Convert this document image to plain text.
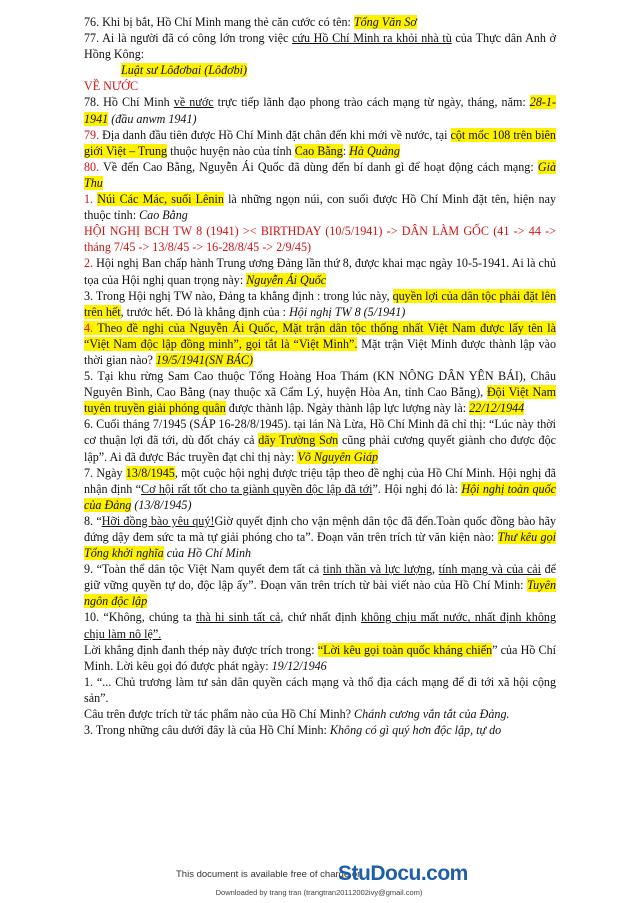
76. Khi bị bắt, Hồ Chí Minh mang thẻ căn cước có tên: Tống Văn Sơ

77. Ai là người đã có công lớn trong việc cứu Hồ Chí Minh ra khỏi nhà tù của Thực dân Anh ở Hồng Kông:

Luật sư Lôđơbai (Lôđơbi)

VỀ NƯỚC

78. Hồ Chí Minh về nước trực tiếp lãnh đạo phong trào cách mạng từ ngày, tháng, năm: 28-1-1941 (đầu anwm 1941)

79. Địa danh đầu tiên được Hồ Chí Minh đặt chân đến khi mới về nước, tại cột mốc 108 trên biên giới Việt – Trung thuộc huyện nào của tỉnh Cao Bằng: Hà Quảng

80. Về đến Cao Bằng, Nguyễn Ái Quốc đã dùng đến bí danh gì để hoạt động cách mạng: Già Thu

1. Núi Các Mác, suối Lênin là những ngọn núi, con suối được Hồ Chí Minh đặt tên, hiện nay thuộc tỉnh: Cao Bằng

HỘI NGHỊ BCH TW 8 (1941) >< BIRTHDAY (10/5/1941) -> DÂN LÀM GỐC (41 -> 44 -> tháng 7/45 -> 13/8/45 -> 16-28/8/45 -> 2/9/45)

2. Hội nghị Ban chấp hành Trung ương Đảng lần thứ 8, được khai mạc ngày 10-5-1941. Ai là chủ tọa của Hội nghị quan trọng này: Nguyễn Ái Quốc

3. Trong Hội nghị TW nào, Đảng ta khẳng định : trong lúc này, quyền lợi của dân tộc phải đặt lên trên hết, trước hết. Đó là khẳng định của : Hội nghị TW 8 (5/1941)

4. Theo đề nghị của Nguyễn Ái Quốc, Mặt trận dân tộc thống nhất Việt Nam được lấy tên là “Việt Nam độc lập đồng minh”, gọi tắt là “Việt Minh”. Mặt trận Việt Minh được thành lập vào thời gian nào? 19/5/1941(SN BÁC)

5. Tại khu rừng Sam Cao thuộc Tổng Hoàng Hoa Thám (KN NÔNG DÂN YÊN BÁI), Châu Nguyên Bình, Cao Bằng (nay thuộc xã Cẩm Lý, huyện Hòa An, tỉnh Cao Bằng), Đội Việt Nam tuyên truyền giải phóng quân được thành lập. Ngày thành lập lực lượng này là: 22/12/1944

6. Cuối tháng 7/1945 (SÁP 16-28/8/1945). tại lán Nà Lừa, Hồ Chí Minh đã chỉ thị: “Lúc này thời cơ thuận lợi đã tới, dù đốt cháy cả dãy Trường Sơn cũng phải cương quyết giành cho được độc lập”. Ai đã được Bác truyền đạt chỉ thị này: Võ Nguyên Giáp

7. Ngày 13/8/1945, một cuộc hội nghị được triệu tập theo đề nghị của Hồ Chí Minh. Hội nghị đã nhận định “Cơ hội rất tốt cho ta giành quyền độc lập đã tới”. Hội nghị đó là: Hội nghị toàn quốc của Đảng (13/8/1945)

8. “Hỡi đồng bào yêu quý!Giờ quyết định cho vận mệnh dân tộc đã đến.Toàn quốc đồng bào hãy đứng dậy đem sức ta mà tự giải phóng cho ta”. Đoạn văn trên trích từ văn kiện nào: Thư kêu gọi Tổng khởi nghĩa của Hồ Chí Minh

9. “Toàn thể dân tộc Việt Nam quyết đem tất cả tinh thần và lực lượng, tính mạng và của cải để giữ vững quyền tự do, độc lập ấy”. Đoạn văn trên trích từ bài viết nào của Hồ Chí Minh: Tuyên ngôn độc lập

10. “Không, chúng ta thà hi sinh tất cả, chứ nhất định không chịu mất nước, nhất định không chịu làm nô lệ”.

Lời khẳng định đanh thép này được trích trong: “Lời kêu gọi toàn quốc kháng chiến” của Hồ Chí Minh. Lời kêu gọi đó được phát ngày: 19/12/1946

1. “... Chủ trương làm tư sản dân quyền cách mạng và thổ địa cách mạng để đi tới xã hội cộng sản”.

Câu trên được trích từ tác phẩm nào của Hồ Chí Minh? Chánh cương vắn tắt của Đảng.

3. Trong những câu dưới đây là của Hồ Chí Minh: Không có gì quý hơn độc lập, tự do

This document is available free of charge on
StuDocu.com
Downloaded by trang tran (trangtran20112002ivy@gmail.com)
